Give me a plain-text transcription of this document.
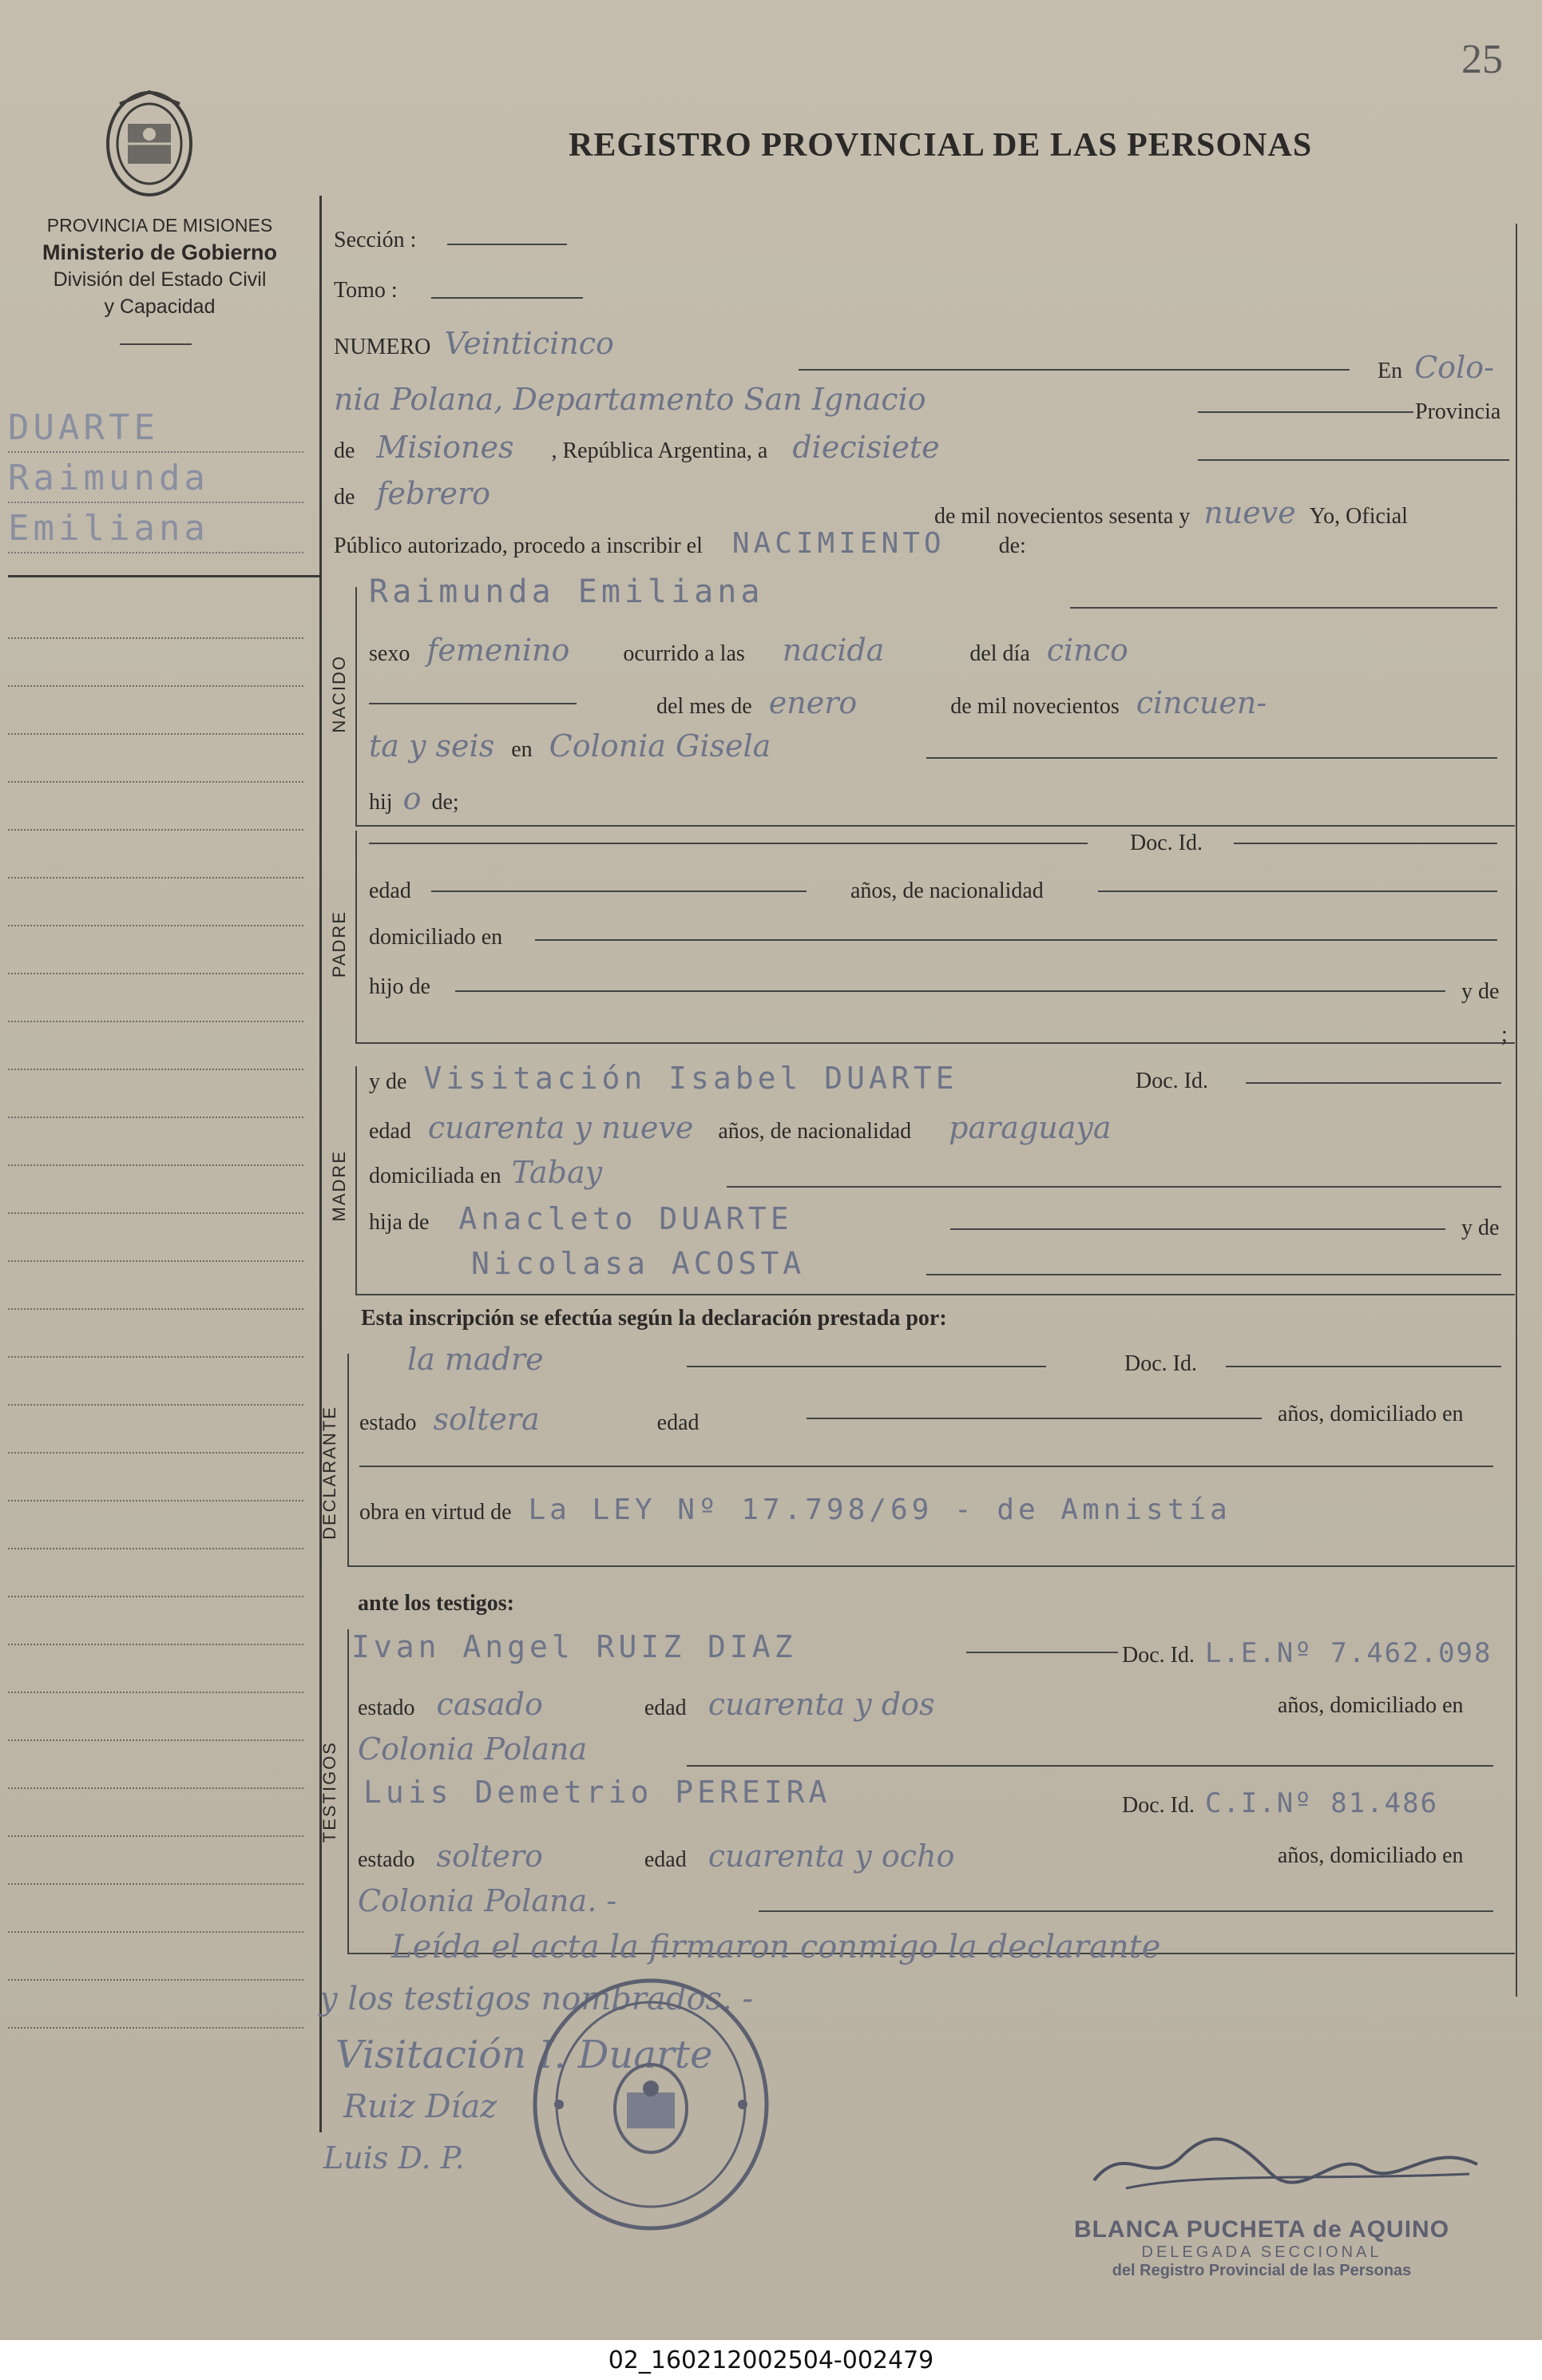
25
REGISTRO PROVINCIAL DE LAS PERSONAS
PROVINCIA DE MISIONES
Ministerio de Gobierno
División del Estado Civil
y Capacidad
DUARTE
Raimunda
Emiliana
Sección :
Tomo :
NUMERO Veinticinco
En Colo-
nia Polana, Departamento San Ignacio	Provincia
de Misiones , República Argentina, a diecisiete
de febrero
de mil novecientos sesenta y nueve Yo, Oficial
Público autorizado, procedo a inscribir el NACIMIENTO de:
NACIDO
Raimunda Emiliana
sexo femenino ocurrido a las nacida	del día cinco
del mes de enero	de mil novecientos cincuen-
ta y seis en Colonia Gisela
hij o de;
PADRE
Doc. Id.
edad	años, de nacionalidad
domiciliado en
hijo de	y de
;
MADRE
y de Visitación Isabel DUARTE	Doc. Id.
edad cuarenta y nueve años, de nacionalidad paraguaya
domiciliada en Tabay
hija de Anacleto DUARTE	y de
Nicolasa ACOSTA
Esta inscripción se efectúa según la declaración prestada por:
DECLARANTE
la madre	Doc. Id.
estado soltera	edad	años, domiciliado en
obra en virtud de La LEY Nº 17.798/69 - de Amnistía
ante los testigos:
TESTIGOS
Ivan Angel RUIZ DIAZ	Doc. Id. L.E.Nº 7.462.098
estado casado	edad cuarenta y dos	años, domiciliado en
Colonia Polana
Luis Demetrio PEREIRA	Doc. Id. C.I.Nº 81.486
estado soltero	edad cuarenta y ocho	años, domiciliado en
Colonia Polana. -
Leída el acta la firmaron conmigo la declarante
y los testigos nombrados. -
Visitación I. Duarte
Ruiz Díaz
Luis D. P.
BLANCA PUCHETA de AQUINO
DELEGADA SECCIONAL
del Registro Provincial de las Personas
02_160212002504-002479
